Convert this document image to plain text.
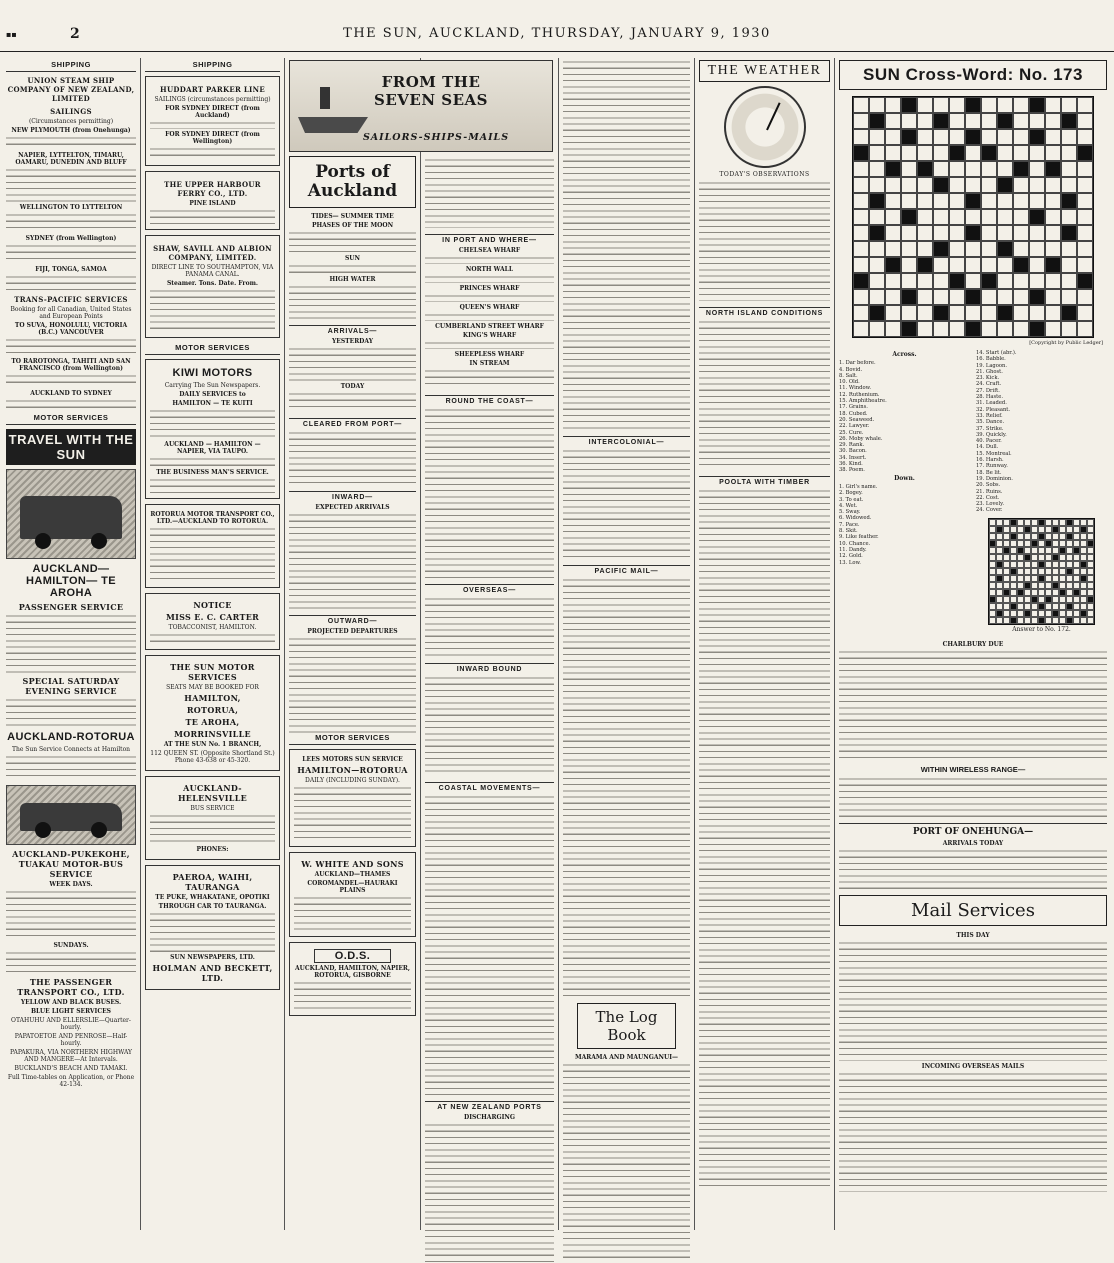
▪▪	2	THE SUN, AUCKLAND, THURSDAY, JANUARY 9, 1930
SHIPPING
UNION STEAM SHIP COMPANY OF NEW ZEALAND, LIMITED
SAILINGS
(Circumstances permitting)
NEW PLYMOUTH (from Onehunga)
NAPIER, LYTTELTON, TIMARU, OAMARU, DUNEDIN AND BLUFF
WELLINGTON TO LYTTELTON
SYDNEY (from Wellington)
FIJI, TONGA, SAMOA
TRANS-PACIFIC SERVICES
Booking for all Canadian, United States and European Points
TO SUVA, HONOLULU, VICTORIA (B.C.) VANCOUVER
TO RAROTONGA, TAHITI AND SAN FRANCISCO (from Wellington)
AUCKLAND TO SYDNEY
MOTOR SERVICES
TRAVEL WITH THE SUN
AUCKLAND— HAMILTON— TE AROHA
PASSENGER SERVICE
SPECIAL SATURDAY EVENING SERVICE
AUCKLAND-ROTORUA
The Sun Service Connects at Hamilton
AUCKLAND-PUKEKOHE, TUAKAU MOTOR-BUS SERVICE
WEEK DAYS.
SUNDAYS.
THE PASSENGER TRANSPORT CO., LTD.
YELLOW AND BLACK BUSES.
BLUE LIGHT SERVICES
OTAHUHU AND ELLERSLIE—Quarter-hourly.
PAPATOETOE AND PENROSE—Half-hourly.
PAPAKURA, VIA NORTHERN HIGHWAY AND MANGERE—At Intervals.
BUCKLAND'S BEACH AND TAMAKI.
Full Time-tables on Application, or Phone 42-134.
SHIPPING
HUDDART PARKER LINE
SAILINGS (circumstances permitting)
FOR SYDNEY DIRECT (from Auckland)
FOR SYDNEY DIRECT (from Wellington)
THE UPPER HARBOUR FERRY CO., LTD.
PINE ISLAND
SHAW, SAVILL AND ALBION COMPANY, LIMITED.
DIRECT LINE TO SOUTHAMPTON, VIA PANAMA CANAL.
Steamer. Tons. Date. From.
MOTOR SERVICES
KIWI MOTORS
Carrying The Sun Newspapers.
DAILY SERVICES to
HAMILTON — TE KUITI
AUCKLAND — HAMILTON — NAPIER, VIA TAUPO.
THE BUSINESS MAN'S SERVICE.
ROTORUA MOTOR TRANSPORT CO., LTD.—AUCKLAND TO ROTORUA.
NOTICE
MISS E. C. CARTER
TOBACCONIST, HAMILTON.
THE SUN MOTOR SERVICES
SEATS MAY BE BOOKED FOR
HAMILTON,
ROTORUA,
TE AROHA,
MORRINSVILLE
AT THE SUN No. 1 BRANCH,
112 QUEEN ST. (Opposite Shortland St.) Phone 43-638 or 45-320.
AUCKLAND-HELENSVILLE
BUS SERVICE
PHONES:
PAEROA, WAIHI, TAURANGA
TE PUKE, WHAKATANE, OPOTIKI
THROUGH CAR TO TAURANGA.
SUN NEWSPAPERS, LTD.
HOLMAN AND BECKETT, LTD.
FROM THE SEVEN SEAS
SAILORS-SHIPS-MAILS
Ports of Auckland
TIDES— SUMMER TIME
PHASES OF THE MOON
SUN
HIGH WATER
ARRIVALS—
YESTERDAY
TODAY
CLEARED FROM PORT—
INWARD—
EXPECTED ARRIVALS
OUTWARD—
PROJECTED DEPARTURES
MOTOR SERVICES
LEES MOTORS SUN SERVICE
HAMILTON—ROTORUA
DAILY (INCLUDING SUNDAY).
W. WHITE AND SONS
AUCKLAND—THAMES
COROMANDEL—HAURAKI PLAINS
O.D.S.
AUCKLAND, HAMILTON, NAPIER, ROTORUA, GISBORNE
IN PORT AND WHERE—
CHELSEA WHARF
NORTH WALL
PRINCES WHARF
QUEEN'S WHARF
CUMBERLAND STREET WHARF
KING'S WHARF
SHEEPLESS WHARF
IN STREAM
ROUND THE COAST—
OVERSEAS—
INWARD BOUND
COASTAL MOVEMENTS—
AT NEW ZEALAND PORTS
DISCHARGING
INTERCOLONIAL—
PACIFIC MAIL—
The Log Book
MARAMA AND MAUNGANUI—
THE WEATHER
TODAY'S OBSERVATIONS
NORTH ISLAND CONDITIONS
POOLTA WITH TIMBER
SUN Cross-Word: No. 173
[Copyright by Public Ledger]
Across.
1. Dar before.
4. Bovid.
8. Salt.
10. Old.
11. Window.
12. Ruthenium.
15. Amphitheatre.
17. Grains.
18. Cubed.
20. Seaweed.
22. Lawyer.
25. Cure.
26. Moby whale.
29. Rank.
30. Bacon.
34. Insert.
36. Kind.
38. Poem.
Down.
1. Girl's name.
2. Bogey.
3. To eat.
4. Wet.
5. Sway.
6. Widowed.
7. Pace.
8. Skit.
9. Like feather.
10. Chance.
11. Dandy.
12. Gold.
13. Low.
14. Start (abr.).
16. Babble.
19. Lagoon.
21. Ghost.
23. Kick.
24. Craft.
27. Drift.
28. Haste.
31. Leaded.
32. Pleasant.
33. Relief.
35. Dance.
37. Strike.
39. Quickly.
40. Pacer.
14. Dull.
15. Montreal.
16. Harsh.
17. Runway.
18. Be lit.
19. Dominion.
20. Sobs.
21. Ruins.
22. Cost.
23. Lovely.
24. Cover.
Answer to No. 172.
CHARLBURY DUE
WITHIN WIRELESS RANGE—
PORT OF ONEHUNGA—
ARRIVALS TODAY
Mail Services
THIS DAY
INCOMING OVERSEAS MAILS
